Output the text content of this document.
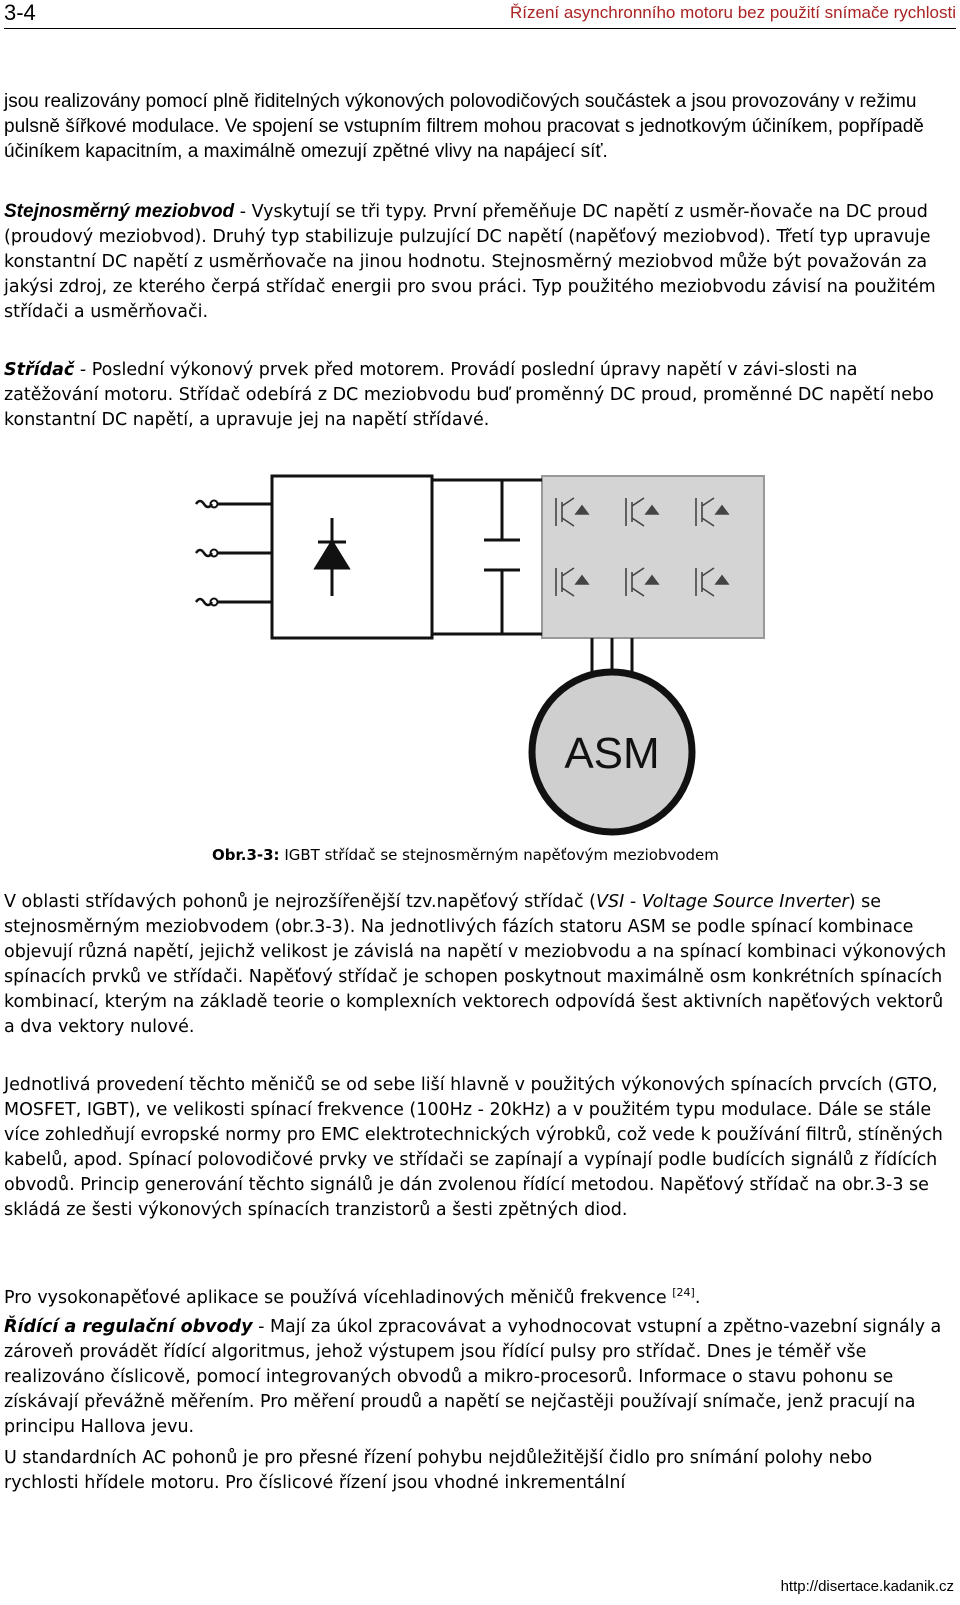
3-4	Řízení asynchronního motoru bez použití snímače rychlosti

jsou realizovány pomocí plně řiditelných výkonových polovodičových součástek a jsou provozovány v režimu pulsně šířkové modulace. Ve spojení se vstupním filtrem mohou pracovat s jednotkovým účiníkem, popřípadě účiníkem kapacitním, a maximálně omezují zpětné vlivy na napájecí síť.

Stejnosměrný meziobvod - Vyskytují se tři typy. První přeměňuje DC napětí z usměr-ňovače na DC proud (proudový meziobvod). Druhý typ stabilizuje pulzující DC napětí (napěťový meziobvod). Třetí typ upravuje konstantní DC napětí z usměrňovače na jinou hodnotu. Stejnosměrný meziobvod může být považován za jakýsi zdroj, ze kterého čerpá střídač energii pro svou práci. Typ použitého meziobvodu závisí na použitém střídači a usměrňovači.

Střídač - Poslední výkonový prvek před motorem. Provádí poslední úpravy napětí v závi-slosti na zatěžování motoru. Střídač odebírá z DC meziobvodu buď proměnný DC proud, proměnné DC napětí nebo konstantní DC napětí, a upravuje jej na napětí střídavé.

ASM
Obr.3-3: IGBT střídač se stejnosměrným napěťovým meziobvodem

V oblasti střídavých pohonů je nejrozšířenější tzv.napěťový střídač (VSI - Voltage Source Inverter) se stejnosměrným meziobvodem (obr.3-3). Na jednotlivých fázích statoru ASM se podle spínací kombinace objevují různá napětí, jejichž velikost je závislá na napětí v meziobvodu a na spínací kombinaci výkonových spínacích prvků ve střídači. Napěťový střídač je schopen poskytnout maximálně osm konkrétních spínacích kombinací, kterým na základě teorie o komplexních vektorech odpovídá šest aktivních napěťových vektorů a dva vektory nulové.

Jednotlivá provedení těchto měničů se od sebe liší hlavně v použitých výkonových spínacích prvcích (GTO, MOSFET, IGBT), ve velikosti spínací frekvence (100Hz - 20kHz) a v použitém typu modulace. Dále se stále více zohledňují evropské normy pro EMC elektrotechnických výrobků, což vede k používání filtrů, stíněných kabelů, apod. Spínací polovodičové prvky ve střídači se zapínají a vypínají podle budících signálů z řídících obvodů. Princip generování těchto signálů je dán zvolenou řídící metodou. Napěťový střídač na obr.3-3 se skládá ze šesti výkonových spínacích tranzistorů a šesti zpětných diod.

Pro vysokonapěťové aplikace se používá vícehladinových měničů frekvence [24].

Řídící a regulační obvody - Mají za úkol zpracovávat a vyhodnocovat vstupní a zpětno-vazební signály a zároveň provádět řídící algoritmus, jehož výstupem jsou řídící pulsy pro střídač. Dnes je téměř vše realizováno číslicově, pomocí integrovaných obvodů a mikro-procesorů. Informace o stavu pohonu se získávají převážně měřením. Pro měření proudů a napětí se nejčastěji používají snímače, jenž pracují na principu Hallova jevu.

U standardních AC pohonů je pro přesné řízení pohybu nejdůležitější čidlo pro snímání polohy nebo rychlosti hřídele motoru. Pro číslicové řízení jsou vhodné inkrementální

http://disertace.kadanik.cz
